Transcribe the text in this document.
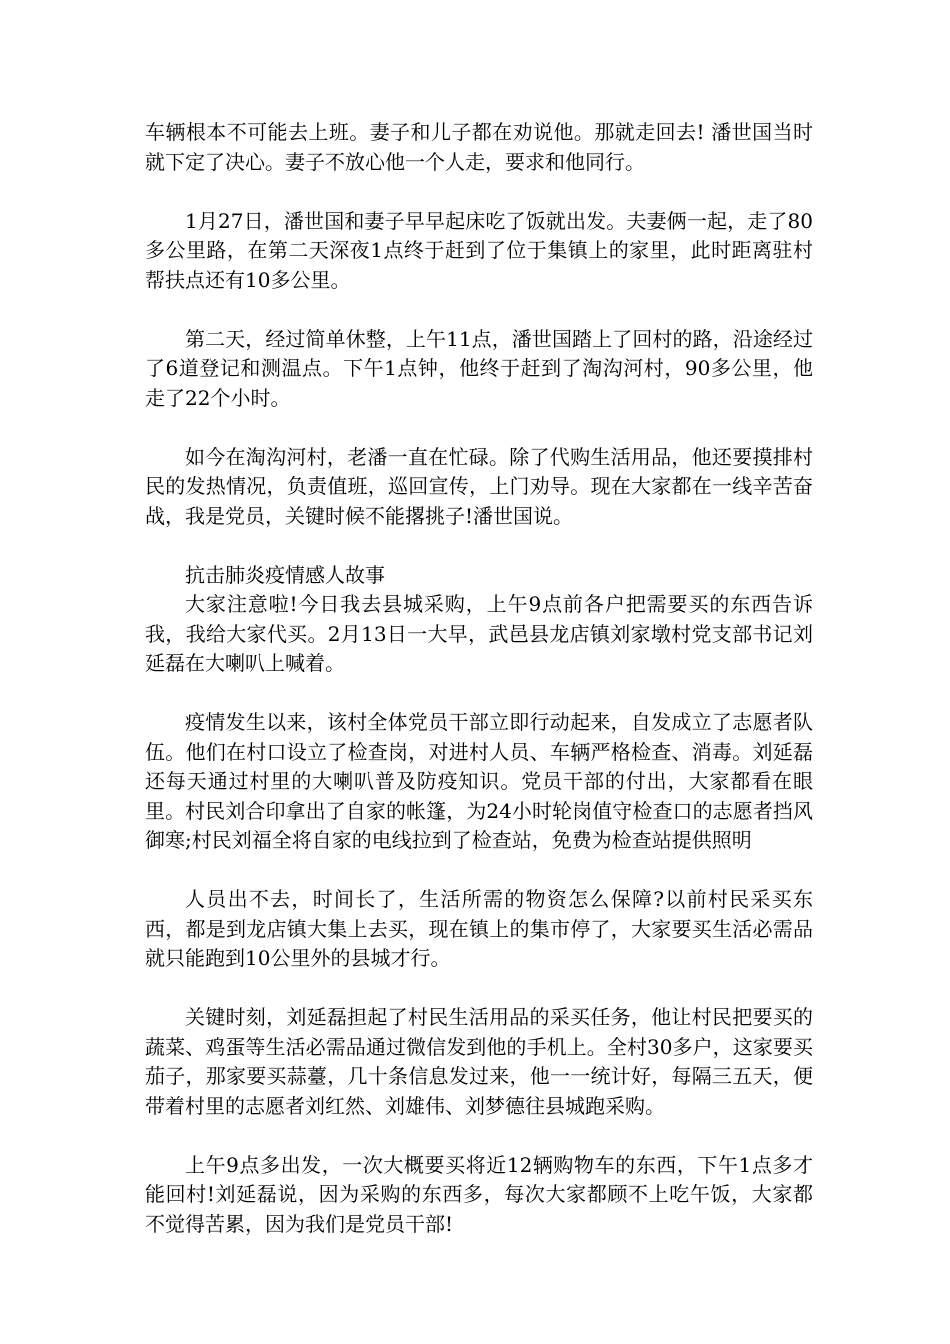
车辆根本不可能去上班。妻子和儿子都在劝说他。那就走回去! 潘世国当时就下定了决心。妻子不放心他一个人走，要求和他同行。

1月27日，潘世国和妻子早早起床吃了饭就出发。夫妻俩一起，走了80多公里路，在第二天深夜1点终于赶到了位于集镇上的家里，此时距离驻村帮扶点还有10多公里。

第二天，经过简单休整，上午11点，潘世国踏上了回村的路，沿途经过了6道登记和测温点。下午1点钟，他终于赶到了淘沟河村，90多公里，他走了22个小时。

如今在淘沟河村，老潘一直在忙碌。除了代购生活用品，他还要摸排村民的发热情况，负责值班，巡回宣传，上门劝导。现在大家都在一线辛苦奋战，我是党员，关键时候不能撂挑子!潘世国说。

抗击肺炎疫情感人故事

大家注意啦!今日我去县城采购，上午9点前各户把需要买的东西告诉我，我给大家代买。2月13日一大早，武邑县龙店镇刘家墩村党支部书记刘延磊在大喇叭上喊着。

疫情发生以来，该村全体党员干部立即行动起来，自发成立了志愿者队伍。他们在村口设立了检查岗，对进村人员、车辆严格检查、消毒。刘延磊还每天通过村里的大喇叭普及防疫知识。党员干部的付出，大家都看在眼里。村民刘合印拿出了自家的帐篷，为24小时轮岗值守检查口的志愿者挡风御寒;村民刘福全将自家的电线拉到了检查站，免费为检查站提供照明

人员出不去，时间长了，生活所需的物资怎么保障?以前村民采买东西，都是到龙店镇大集上去买，现在镇上的集市停了，大家要买生活必需品就只能跑到10公里外的县城才行。

关键时刻，刘延磊担起了村民生活用品的采买任务，他让村民把要买的蔬菜、鸡蛋等生活必需品通过微信发到他的手机上。全村30多户，这家要买茄子，那家要买蒜薹，几十条信息发过来，他一一统计好，每隔三五天，便带着村里的志愿者刘红然、刘雄伟、刘梦德往县城跑采购。

上午9点多出发，一次大概要买将近12辆购物车的东西，下午1点多才能回村!刘延磊说，因为采购的东西多，每次大家都顾不上吃午饭，大家都不觉得苦累，因为我们是党员干部!
